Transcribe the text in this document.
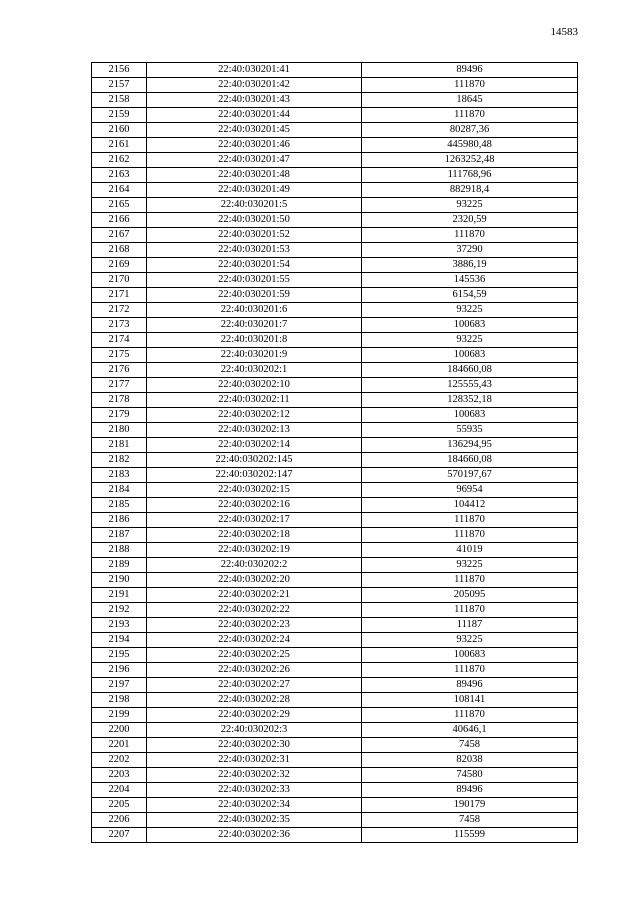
14583
2156	22:40:030201:41	89496
2157	22:40:030201:42	111870
2158	22:40:030201:43	18645
2159	22:40:030201:44	111870
2160	22:40:030201:45	80287,36
2161	22:40:030201:46	445980,48
2162	22:40:030201:47	1263252,48
2163	22:40:030201:48	111768,96
2164	22:40:030201:49	882918,4
2165	22:40:030201:5	93225
2166	22:40:030201:50	2320,59
2167	22:40:030201:52	111870
2168	22:40:030201:53	37290
2169	22:40:030201:54	3886,19
2170	22:40:030201:55	145536
2171	22:40:030201:59	6154,59
2172	22:40:030201:6	93225
2173	22:40:030201:7	100683
2174	22:40:030201:8	93225
2175	22:40:030201:9	100683
2176	22:40:030202:1	184660,08
2177	22:40:030202:10	125555,43
2178	22:40:030202:11	128352,18
2179	22:40:030202:12	100683
2180	22:40:030202:13	55935
2181	22:40:030202:14	136294,95
2182	22:40:030202:145	184660,08
2183	22:40:030202:147	570197,67
2184	22:40:030202:15	96954
2185	22:40:030202:16	104412
2186	22:40:030202:17	111870
2187	22:40:030202:18	111870
2188	22:40:030202:19	41019
2189	22:40:030202:2	93225
2190	22:40:030202:20	111870
2191	22:40:030202:21	205095
2192	22:40:030202:22	111870
2193	22:40:030202:23	11187
2194	22:40:030202:24	93225
2195	22:40:030202:25	100683
2196	22:40:030202:26	111870
2197	22:40:030202:27	89496
2198	22:40:030202:28	108141
2199	22:40:030202:29	111870
2200	22:40:030202:3	40646,1
2201	22:40:030202:30	7458
2202	22:40:030202:31	82038
2203	22:40:030202:32	74580
2204	22:40:030202:33	89496
2205	22:40:030202:34	190179
2206	22:40:030202:35	7458
2207	22:40:030202:36	115599
